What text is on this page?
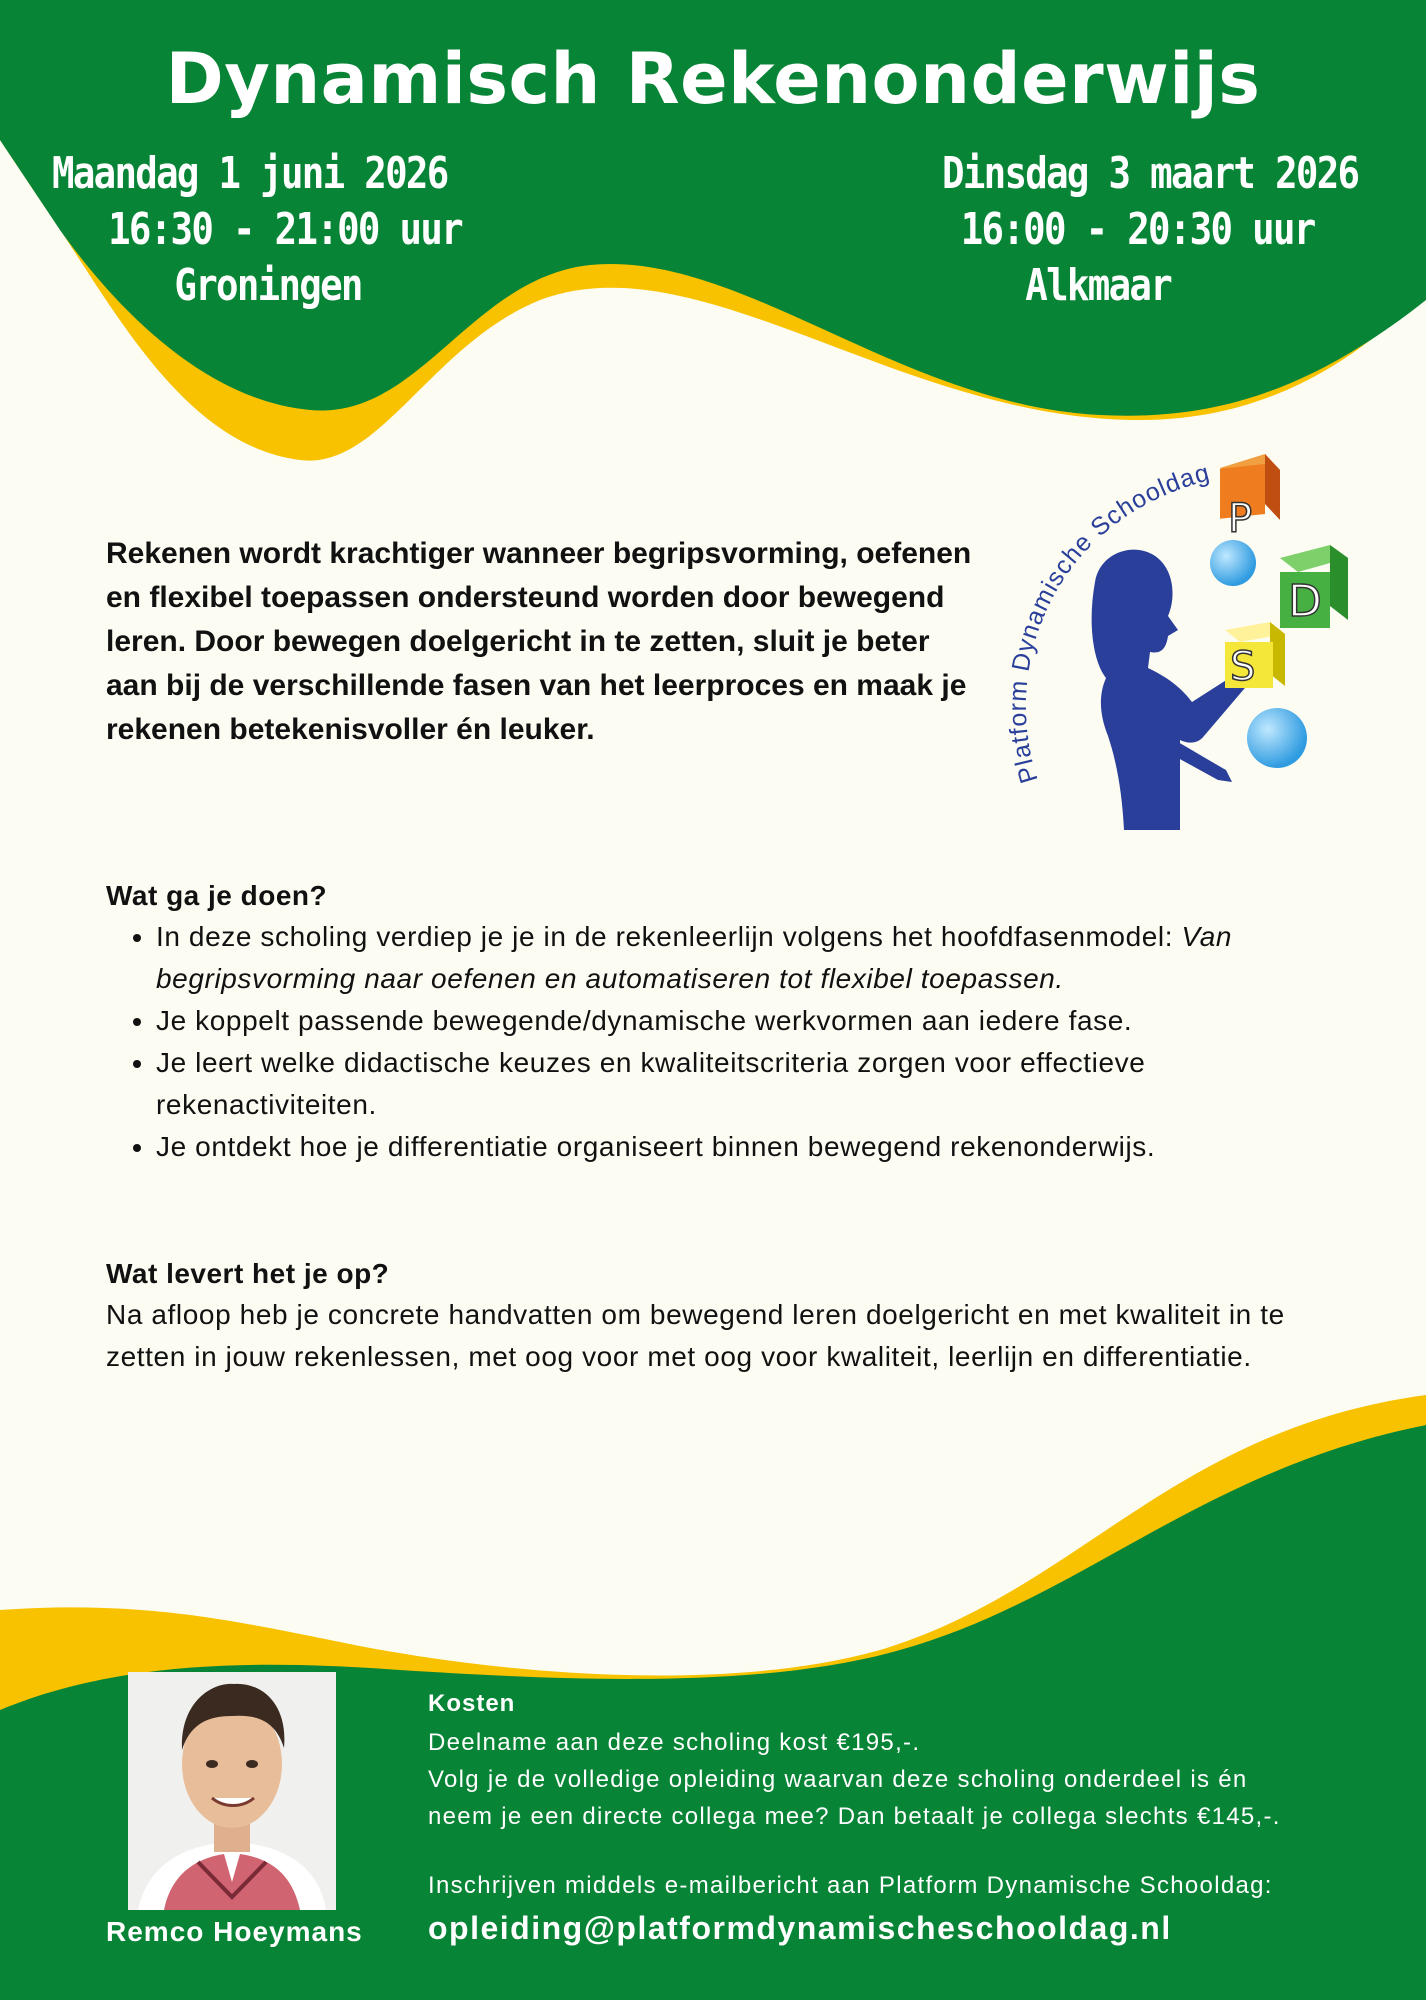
Dynamisch Rekenonderwijs
Maandag 1 juni 2026
16:30 - 21:00 uur
Groningen
Dinsdag 3 maart 2026
16:00 - 20:30 uur
Alkmaar

Rekenen wordt krachtiger wanneer begripsvorming, oefenen en flexibel toepassen ondersteund worden door bewegend leren. Door bewegen doelgericht in te zetten, sluit je beter aan bij de verschillende fasen van het leerproces en maak je rekenen betekenisvoller én leuker.

Platform Dynamische Schooldag
P
D
S
Wat ga je doen?
• In deze scholing verdiep je je in de rekenleerlijn volgens het hoofdfasenmodel: Van begripsvorming naar oefenen en automatiseren tot flexibel toepassen.
• Je koppelt passende bewegende/dynamische werkvormen aan iedere fase.
• Je leert welke didactische keuzes en kwaliteitscriteria zorgen voor effectieve rekenactiviteiten.
• Je ontdekt hoe je differentiatie organiseert binnen bewegend rekenonderwijs.
Wat levert het je op?
Na afloop heb je concrete handvatten om bewegend leren doelgericht en met kwaliteit in te zetten in jouw rekenlessen, met oog voor met oog voor kwaliteit, leerlijn en differentiatie.
Remco Hoeymans
Kosten
Deelname aan deze scholing kost €195,-.
Volg je de volledige opleiding waarvan deze scholing onderdeel is én
neem je een directe collega mee? Dan betaalt je collega slechts €145,-.
Inschrijven middels e-mailbericht aan Platform Dynamische Schooldag:
opleiding@platformdynamischeschooldag.nl
